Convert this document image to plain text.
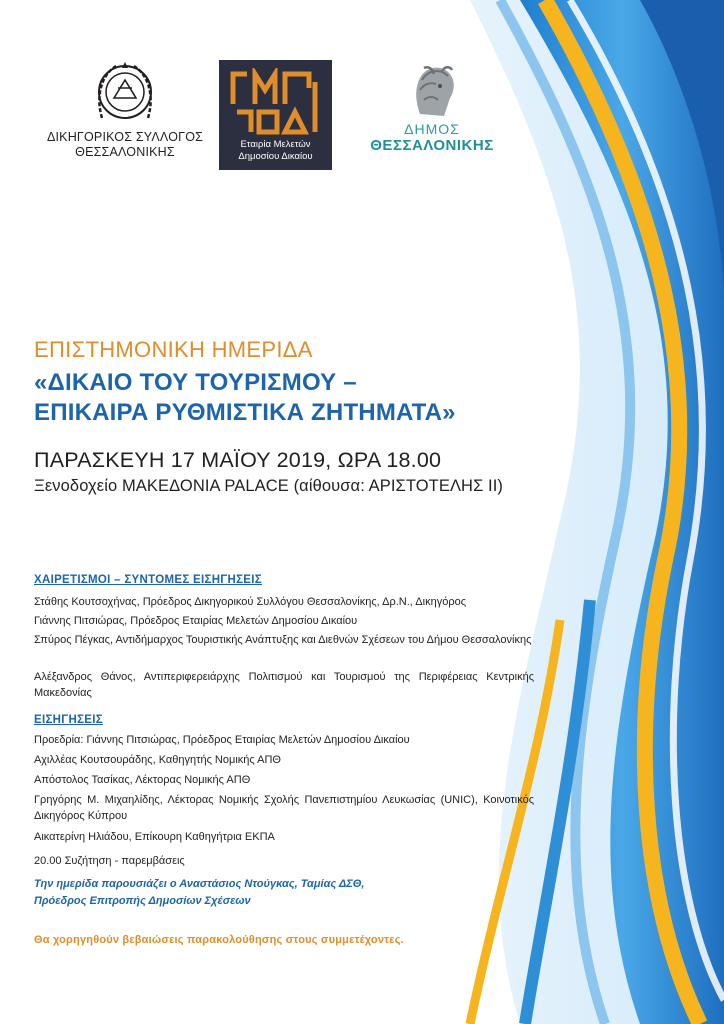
ΔΙΚΗΓΟΡΙΚΟΣ ΣΥΛΛΟΓΟΣ
ΘΕΣΣΑΛΟΝΙΚΗΣ
Εταιρία Μελετών
Δημοσίου Δικαίου
ΔΗΜΟΣ
ΘΕΣΣΑΛΟΝΙΚΗΣ
ΕΠΙΣΤΗΜΟΝΙΚΗ ΗΜΕΡΙΔΑ
«ΔΙΚΑΙΟ ΤΟΥ ΤΟΥΡΙΣΜΟΥ –
ΕΠΙΚΑΙΡΑ ΡΥΘΜΙΣΤΙΚΑ ΖΗΤΗΜΑΤΑ»
ΠΑΡΑΣΚΕΥΗ 17 ΜΑΪΟΥ 2019, ΩΡΑ 18.00
Ξενοδοχείο ΜΑΚΕΔΟΝΙΑ PALACE (αίθουσα: ΑΡΙΣΤΟΤΕΛΗΣ ΙΙ)
ΧΑΙΡΕΤΙΣΜΟΙ – ΣΥΝΤΟΜΕΣ ΕΙΣΗΓΗΣΕΙΣ
Στάθης Κουτσοχήνας, Πρόεδρος Δικηγορικού Συλλόγου Θεσσαλονίκης, Δρ.Ν., Δικηγόρος
Γιάννης Πιτσιώρας, Πρόεδρος Εταιρίας Μελετών Δημοσίου Δικαίου
Σπύρος Πέγκας, Αντιδήμαρχος Τουριστικής Ανάπτυξης και Διεθνών Σχέσεων του Δήμου Θεσσαλονίκης
Αλέξανδρος Θάνος, Αντιπεριφερειάρχης Πολιτισμού και Τουρισμού της Περιφέρειας Κεντρικής Μακεδονίας
ΕΙΣΗΓΗΣΕΙΣ
Προεδρία: Γιάννης Πιτσιώρας, Πρόεδρος Εταιρίας Μελετών Δημοσίου Δικαίου
Αχιλλέας Κουτσουράδης, Καθηγητής Νομικής ΑΠΘ
Απόστολος Τασίκας, Λέκτορας Νομικής ΑΠΘ
Γρηγόρης Μ. Μιχαηλίδης, Λέκτορας Νομικής Σχολής Πανεπιστημίου Λευκωσίας (UNIC), Κοινοτικός Δικηγόρος Κύπρου
Αικατερίνη Ηλιάδου, Επίκουρη Καθηγήτρια ΕΚΠΑ
20.00 Συζήτηση - παρεμβάσεις
Την ημερίδα παρουσιάζει ο Αναστάσιος Ντούγκας, Ταμίας ΔΣΘ,
Πρόεδρος Επιτροπής Δημοσίων Σχέσεων
Θα χορηγηθούν βεβαιώσεις παρακολούθησης στους συμμετέχοντες.
